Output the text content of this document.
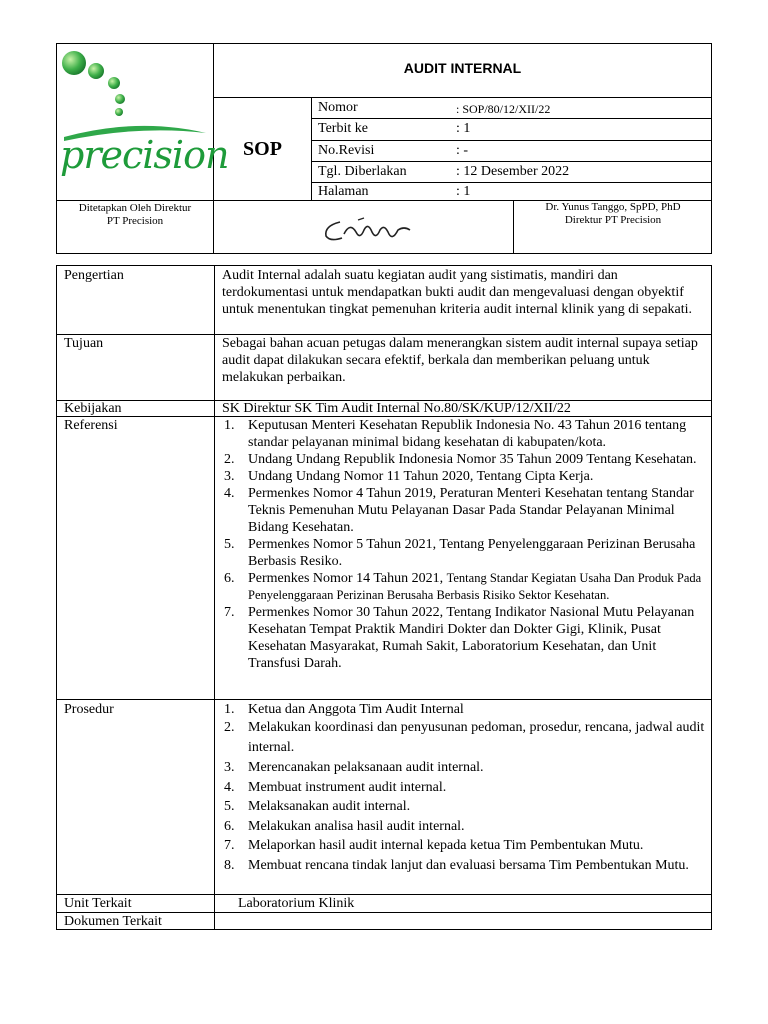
precision
AUDIT INTERNAL
SOP
Nomor	: SOP/80/12/XII/22
Terbit ke	: 1
No.Revisi	: -
Tgl. Diberlakan	: 12 Desember 2022
Halaman	: 1
Ditetapkan Oleh Direktur
PT Precision
Dr. Yunus Tanggo, SpPD, PhD
Direktur PT Precision
Pengertian	Audit Internal adalah suatu kegiatan audit yang sistimatis, mandiri dan terdokumentasi untuk mendapatkan bukti audit dan mengevaluasi dengan obyektif untuk menentukan tingkat pemenuhan kriteria audit internal klinik yang di sepakati.
Tujuan	Sebagai bahan acuan petugas dalam menerangkan sistem audit internal supaya setiap audit dapat dilakukan secara efektif, berkala dan memberikan peluang untuk melakukan perbaikan.
Kebijakan	SK Direktur SK Tim Audit Internal No.80/SK/KUP/12/XII/22
Referensi	1. Keputusan Menteri Kesehatan Republik Indonesia No. 43 Tahun 2016 tentang standar pelayanan minimal bidang kesehatan di kabupaten/kota.
2. Undang Undang Republik Indonesia Nomor 35 Tahun 2009 Tentang Kesehatan.
3. Undang Undang Nomor 11 Tahun 2020, Tentang Cipta Kerja.
4. Permenkes Nomor 4 Tahun 2019, Peraturan Menteri Kesehatan tentang Standar Teknis Pemenuhan Mutu Pelayanan Dasar Pada Standar Pelayanan Minimal Bidang Kesehatan.
5. Permenkes Nomor 5 Tahun 2021, Tentang Penyelenggaraan Perizinan Berusaha Berbasis Resiko.
6. Permenkes Nomor 14 Tahun 2021, Tentang Standar Kegiatan Usaha Dan Produk Pada Penyelenggaraan Perizinan Berusaha Berbasis Risiko Sektor Kesehatan.
7. Permenkes Nomor 30 Tahun 2022, Tentang Indikator Nasional Mutu Pelayanan Kesehatan Tempat Praktik Mandiri Dokter dan Dokter Gigi, Klinik, Pusat Kesehatan Masyarakat, Rumah Sakit, Laboratorium Kesehatan, dan Unit Transfusi Darah.
Prosedur	1. Ketua dan Anggota Tim Audit Internal
2. Melakukan koordinasi dan penyusunan pedoman, prosedur, rencana, jadwal audit internal.
3. Merencanakan pelaksanaan audit internal.
4. Membuat instrument audit internal.
5. Melaksanakan audit internal.
6. Melakukan analisa hasil audit internal.
7. Melaporkan hasil audit internal kepada ketua Tim Pembentukan Mutu.
8. Membuat rencana tindak lanjut dan evaluasi bersama Tim Pembentukan Mutu.
Unit Terkait	Laboratorium Klinik
Dokumen Terkait
